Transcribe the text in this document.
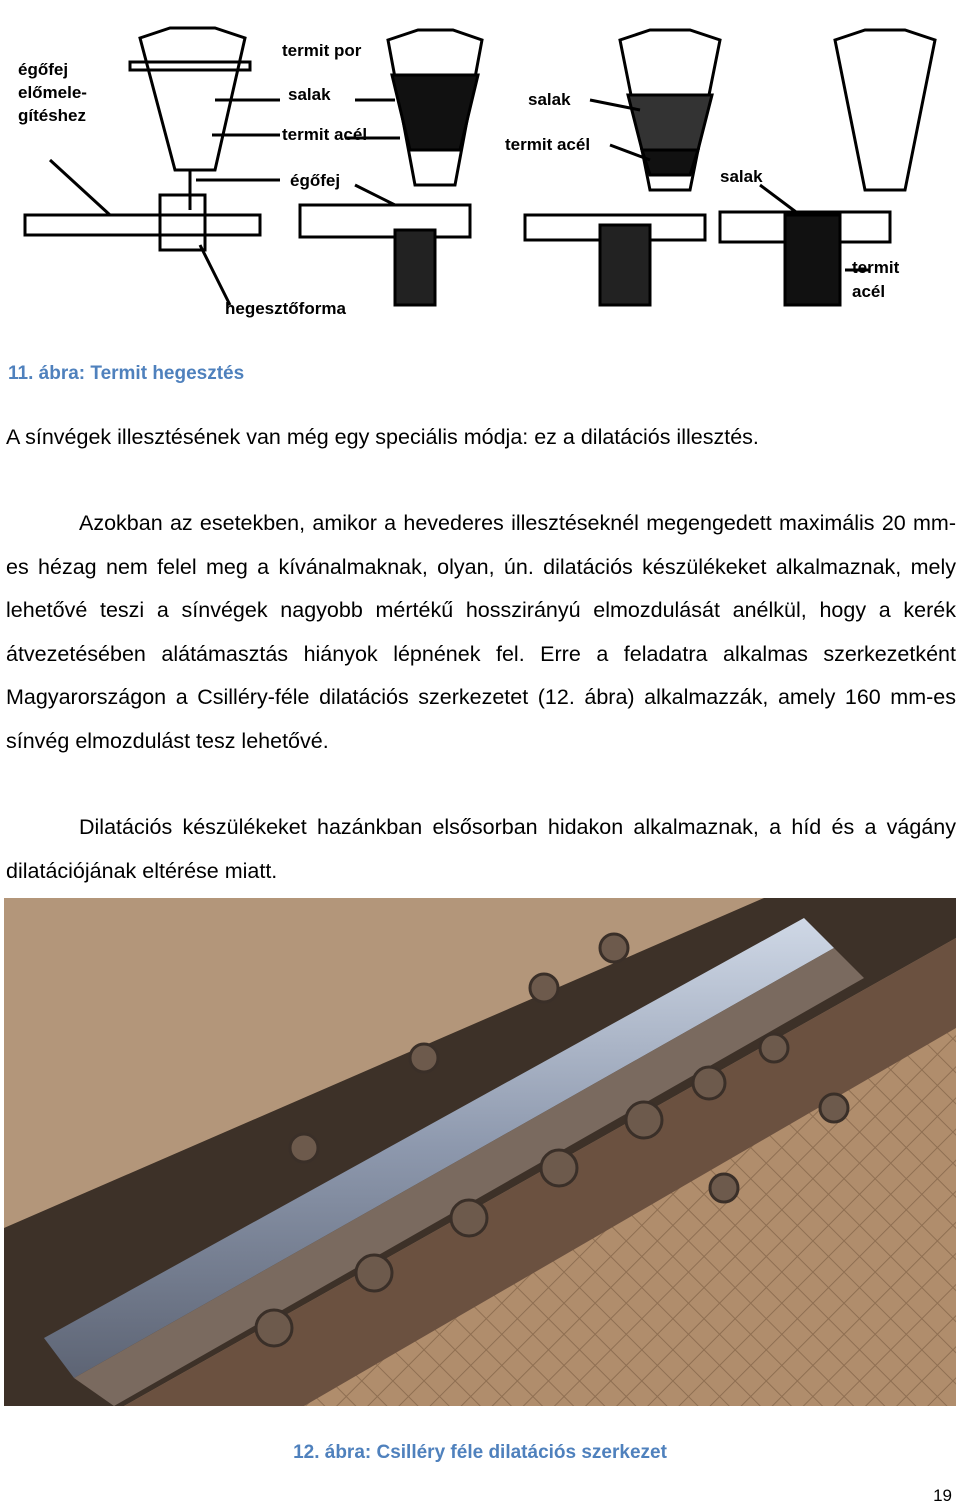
égőfej
előmele-
gítéshez
termit por
salak
termit acél
égőfej
hegesztőforma
salak
termit acél
salak
termit
acél
11. ábra: Termit hegesztés

A sínvégek illesztésének van még egy speciális módja: ez a dilatációs illesztés.

Azokban az esetekben, amikor a hevederes illesztéseknél megengedett maximális 20 mm-es hézag nem felel meg a kívánalmaknak, olyan, ún. dilatációs készülékeket alkalmaznak, mely lehetővé teszi a sínvégek nagyobb mértékű hosszirányú elmozdulását anélkül, hogy a kerék átvezetésében alátámasztás hiányok lépnének fel. Erre a feladatra alkalmas szerkezetként Magyarországon a Csilléry-féle dilatációs szerkezetet (12. ábra) alkalmazzák, amely 160 mm-es sínvég elmozdulást tesz lehetővé.

Dilatációs készülékeket hazánkban elsősorban hidakon alkalmaznak, a híd és a vágány dilatációjának eltérése miatt.

12. ábra: Csilléry féle dilatációs szerkezet
19
